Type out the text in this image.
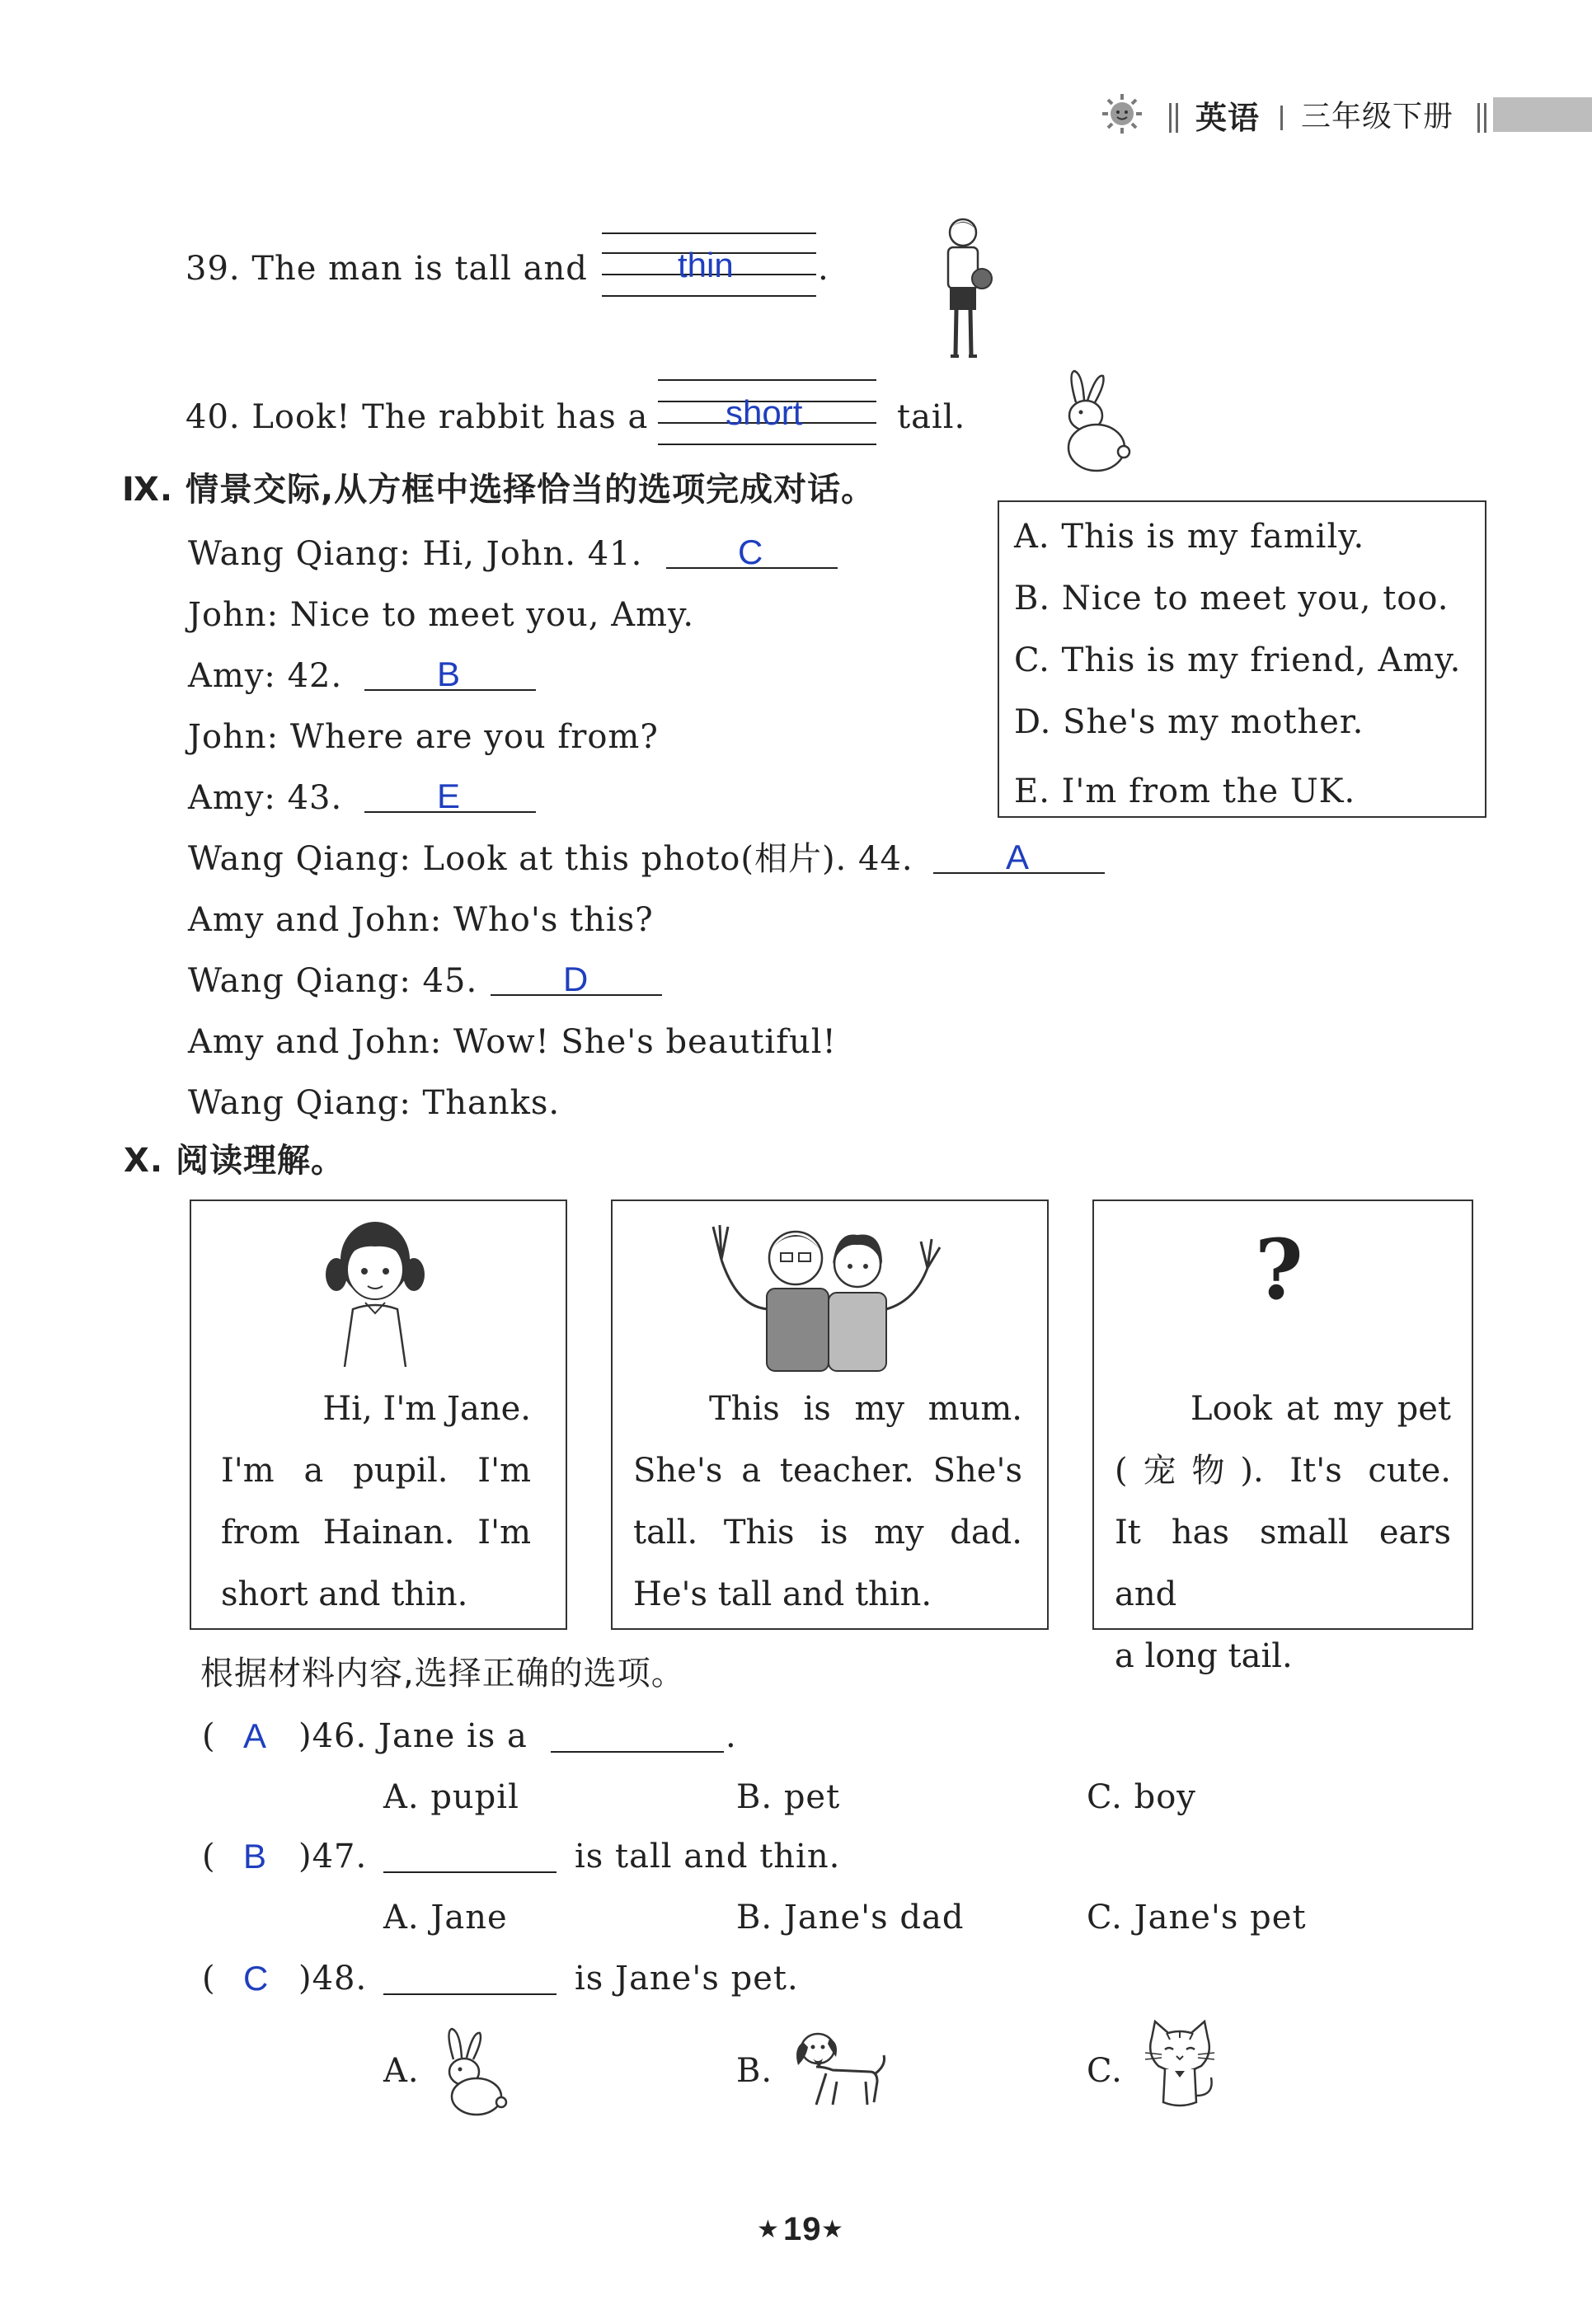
英语 三年级下册
39. The man is tall and	thin	.
40. Look! The rabbit has a short	tail.
Ⅸ. 情景交际,从方框中选择恰当的选项完成对话。
A. This is my family.
B. Nice to meet you, too.
C. This is my friend, Amy.
D. She's my mother.
E. I'm from the UK.
Wang Qiang: Hi, John. 41.	C
John: Nice to meet you, Amy.
Amy: 42.	B
John: Where are you from?
Amy: 43.	E
Wang Qiang: Look at this photo(相片). 44.	A
Amy and John: Who's this?
Wang Qiang: 45. D
Amy and John: Wow! She's beautiful!
Wang Qiang: Thanks.
X. 阅读理解。
Hi, I'm Jane.
I'm a pupil. I'm
from Hainan. I'm
short and thin.
This is my mum.
She's a teacher. She's
tall. This is my dad.
He's tall and thin.
?
Look at my pet
(宠物). It's cute.
It has small ears and
a long tail.
根据材料内容,选择正确的选项。
( A )46. Jane is a	.
A. pupil	B. pet	C. boy
( B )47.	is tall and thin.
A. Jane	B. Jane's dad	C. Jane's pet
( C )48.	is Jane's pet.
A.	B.	C.
★ 19 ★
